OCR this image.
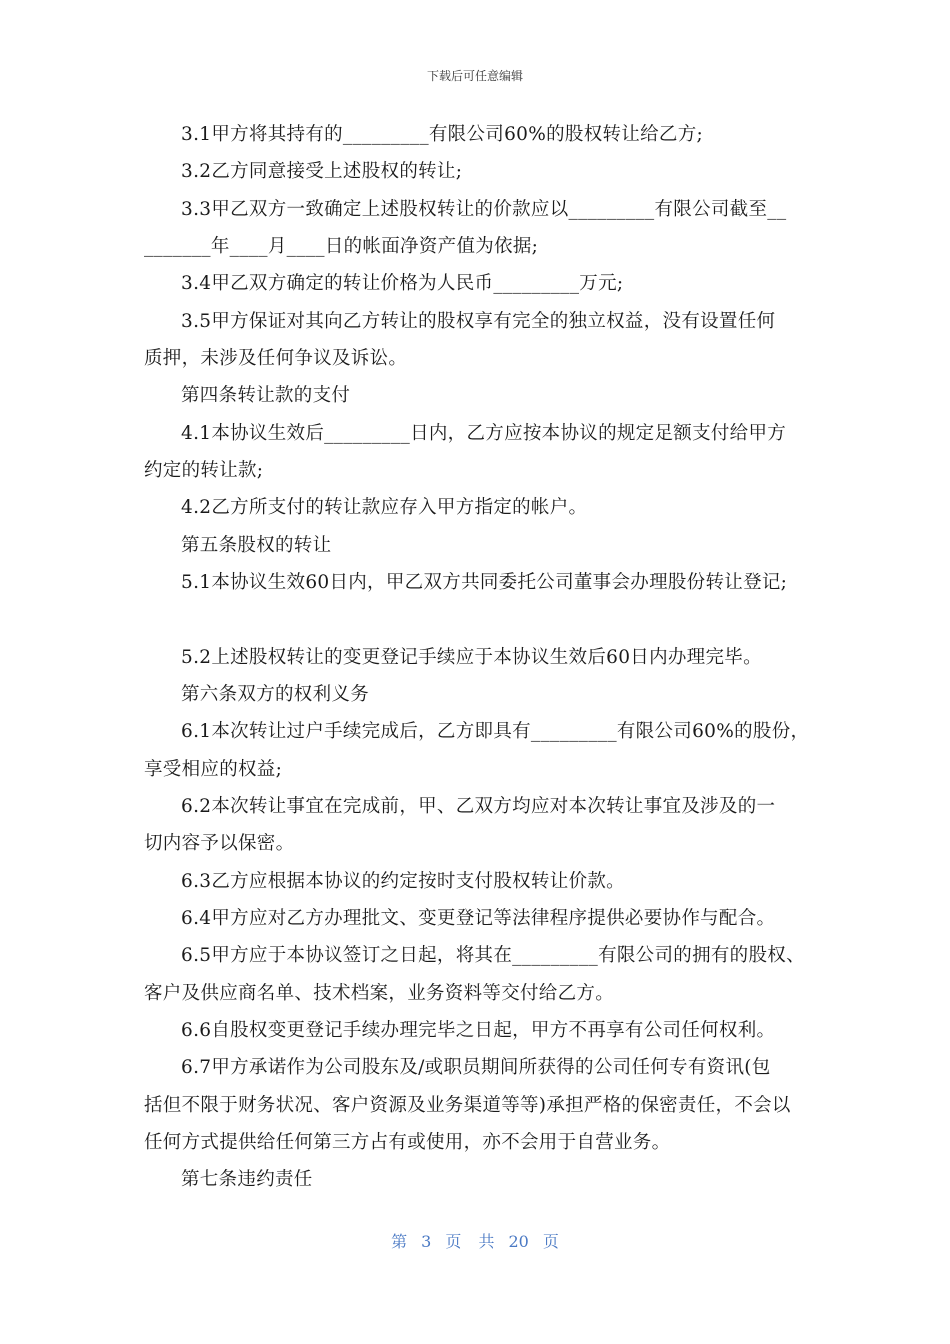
下载后可任意编辑
3.1甲方将其持有的_________有限公司60%的股权转让给乙方;
3.2乙方同意接受上述股权的转让;
3.3甲乙双方一致确定上述股权转让的价款应以_________有限公司截至__
_______年____月____日的帐面净资产值为依据;
3.4甲乙双方确定的转让价格为人民币_________万元;
3.5甲方保证对其向乙方转让的股权享有完全的独立权益，没有设置任何
质押，未涉及任何争议及诉讼。
第四条转让款的支付
4.1本协议生效后_________日内，乙方应按本协议的规定足额支付给甲方
约定的转让款;
4.2乙方所支付的转让款应存入甲方指定的帐户。
第五条股权的转让
5.1本协议生效60日内，甲乙双方共同委托公司董事会办理股份转让登记;
5.2上述股权转让的变更登记手续应于本协议生效后60日内办理完毕。
第六条双方的权利义务
6.1本次转让过户手续完成后，乙方即具有_________有限公司60%的股份，
享受相应的权益;
6.2本次转让事宜在完成前，甲、乙双方均应对本次转让事宜及涉及的一
切内容予以保密。
6.3乙方应根据本协议的约定按时支付股权转让价款。
6.4甲方应对乙方办理批文、变更登记等法律程序提供必要协作与配合。
6.5甲方应于本协议签订之日起，将其在_________有限公司的拥有的股权、
客户及供应商名单、技术档案，业务资料等交付给乙方。
6.6自股权变更登记手续办理完毕之日起，甲方不再享有公司任何权利。
6.7甲方承诺作为公司股东及/或职员期间所获得的公司任何专有资讯(包
括但不限于财务状况、客户资源及业务渠道等等)承担严格的保密责任，不会以
任何方式提供给任何第三方占有或使用，亦不会用于自营业务。
第七条违约责任
第 3 页 共 20 页
